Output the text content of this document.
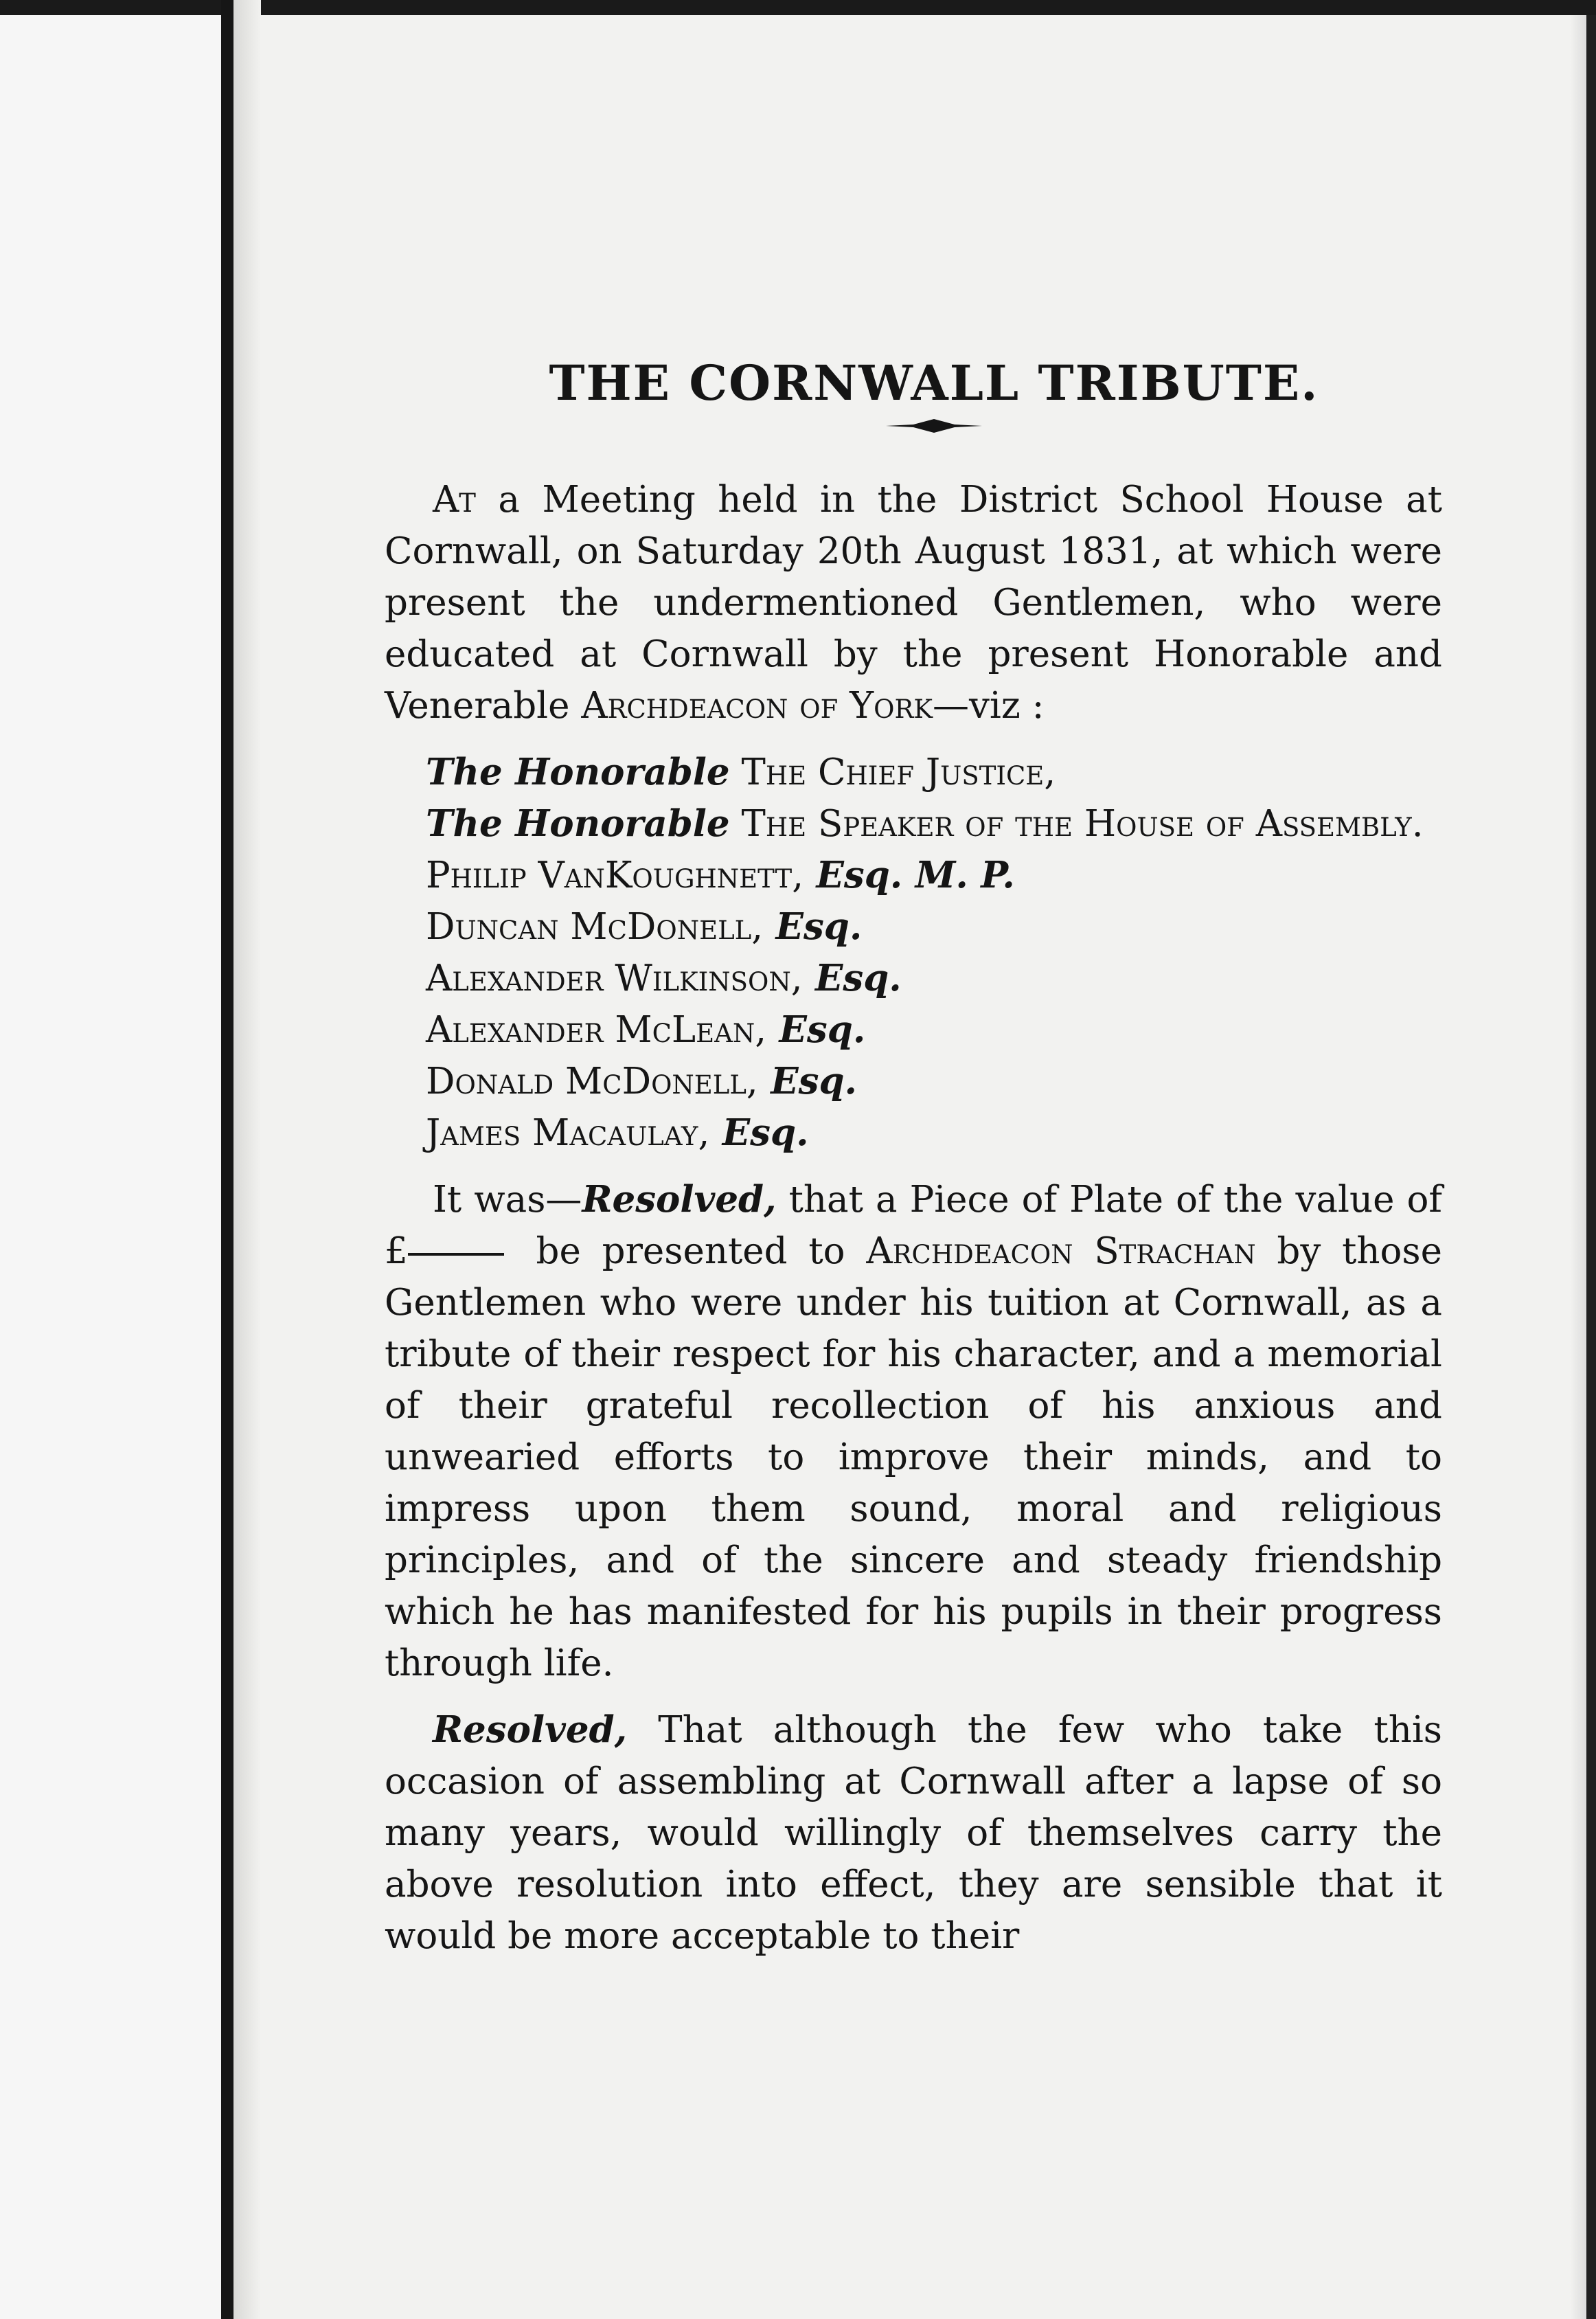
THE CORNWALL TRIBUTE.

At a Meeting held in the District School House at Cornwall, on Saturday 20th August 1831, at which were present the undermentioned Gentlemen, who were educated at Cornwall by the present Honorable and Venerable Archdeacon of York—viz :

The Honorable The Chief Justice,

The Honorable The Speaker of the House of Assembly.

Philip VanKoughnett, Esq. M. P.

Duncan McDonell, Esq.

Alexander Wilkinson, Esq.

Alexander McLean, Esq.

Donald McDonell, Esq.

James Macaulay, Esq.

It was—Resolved, that a Piece of Plate of the value of £	be presented to Archdeacon Strachan by those Gentlemen who were under his tuition at Cornwall, as a tribute of their respect for his character, and a memorial of their grateful recollection of his anxious and unwearied efforts to improve their minds, and to impress upon them sound, moral and religious principles, and of the sincere and steady friendship which he has manifested for his pupils in their progress through life.

Resolved, That although the few who take this occasion of assembling at Cornwall after a lapse of so many years, would willingly of themselves carry the above resolution into effect, they are sensible that it would be more acceptable to their
